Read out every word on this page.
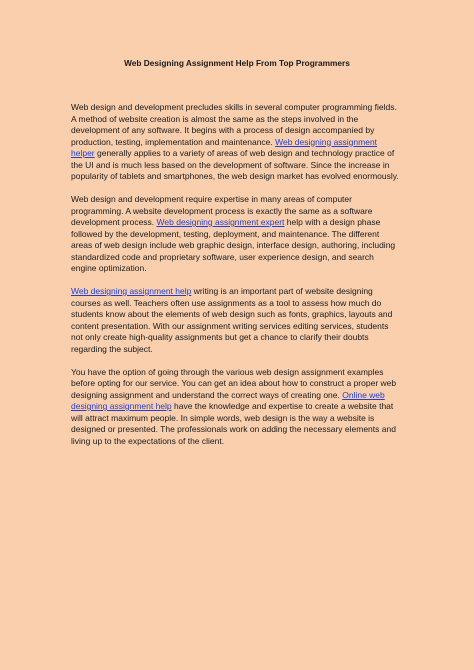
Web Designing Assignment Help From Top Programmers

Web design and development precludes skills in several computer programming fields. A method of website creation is almost the same as the steps involved in the development of any software. It begins with a process of design accompanied by production, testing, implementation and maintenance. Web designing assignment helper generally applies to a variety of areas of web design and technology practice of the UI and is much less based on the development of software. Since the increase in popularity of tablets and smartphones, the web design market has evolved enormously.

Web design and development require expertise in many areas of computer programming. A website development process is exactly the same as a software development process. Web designing assignment expert help with a design phase followed by the development, testing, deployment, and maintenance. The different areas of web design include web graphic design, interface design, authoring, including standardized code and proprietary software, user experience design, and search engine optimization.

Web designing assignment help writing is an important part of website designing courses as well. Teachers often use assignments as a tool to assess how much do students know about the elements of web design such as fonts, graphics, layouts and content presentation. With our assignment writing services editing services, students not only create high-quality assignments but get a chance to clarify their doubts regarding the subject.

You have the option of going through the various web design assignment examples before opting for our service. You can get an idea about how to construct a proper web designing assignment and understand the correct ways of creating one. Online web designing assignment help have the knowledge and expertise to create a website that will attract maximum people. In simple words, web design is the way a website is designed or presented. The professionals work on adding the necessary elements and living up to the expectations of the client.
